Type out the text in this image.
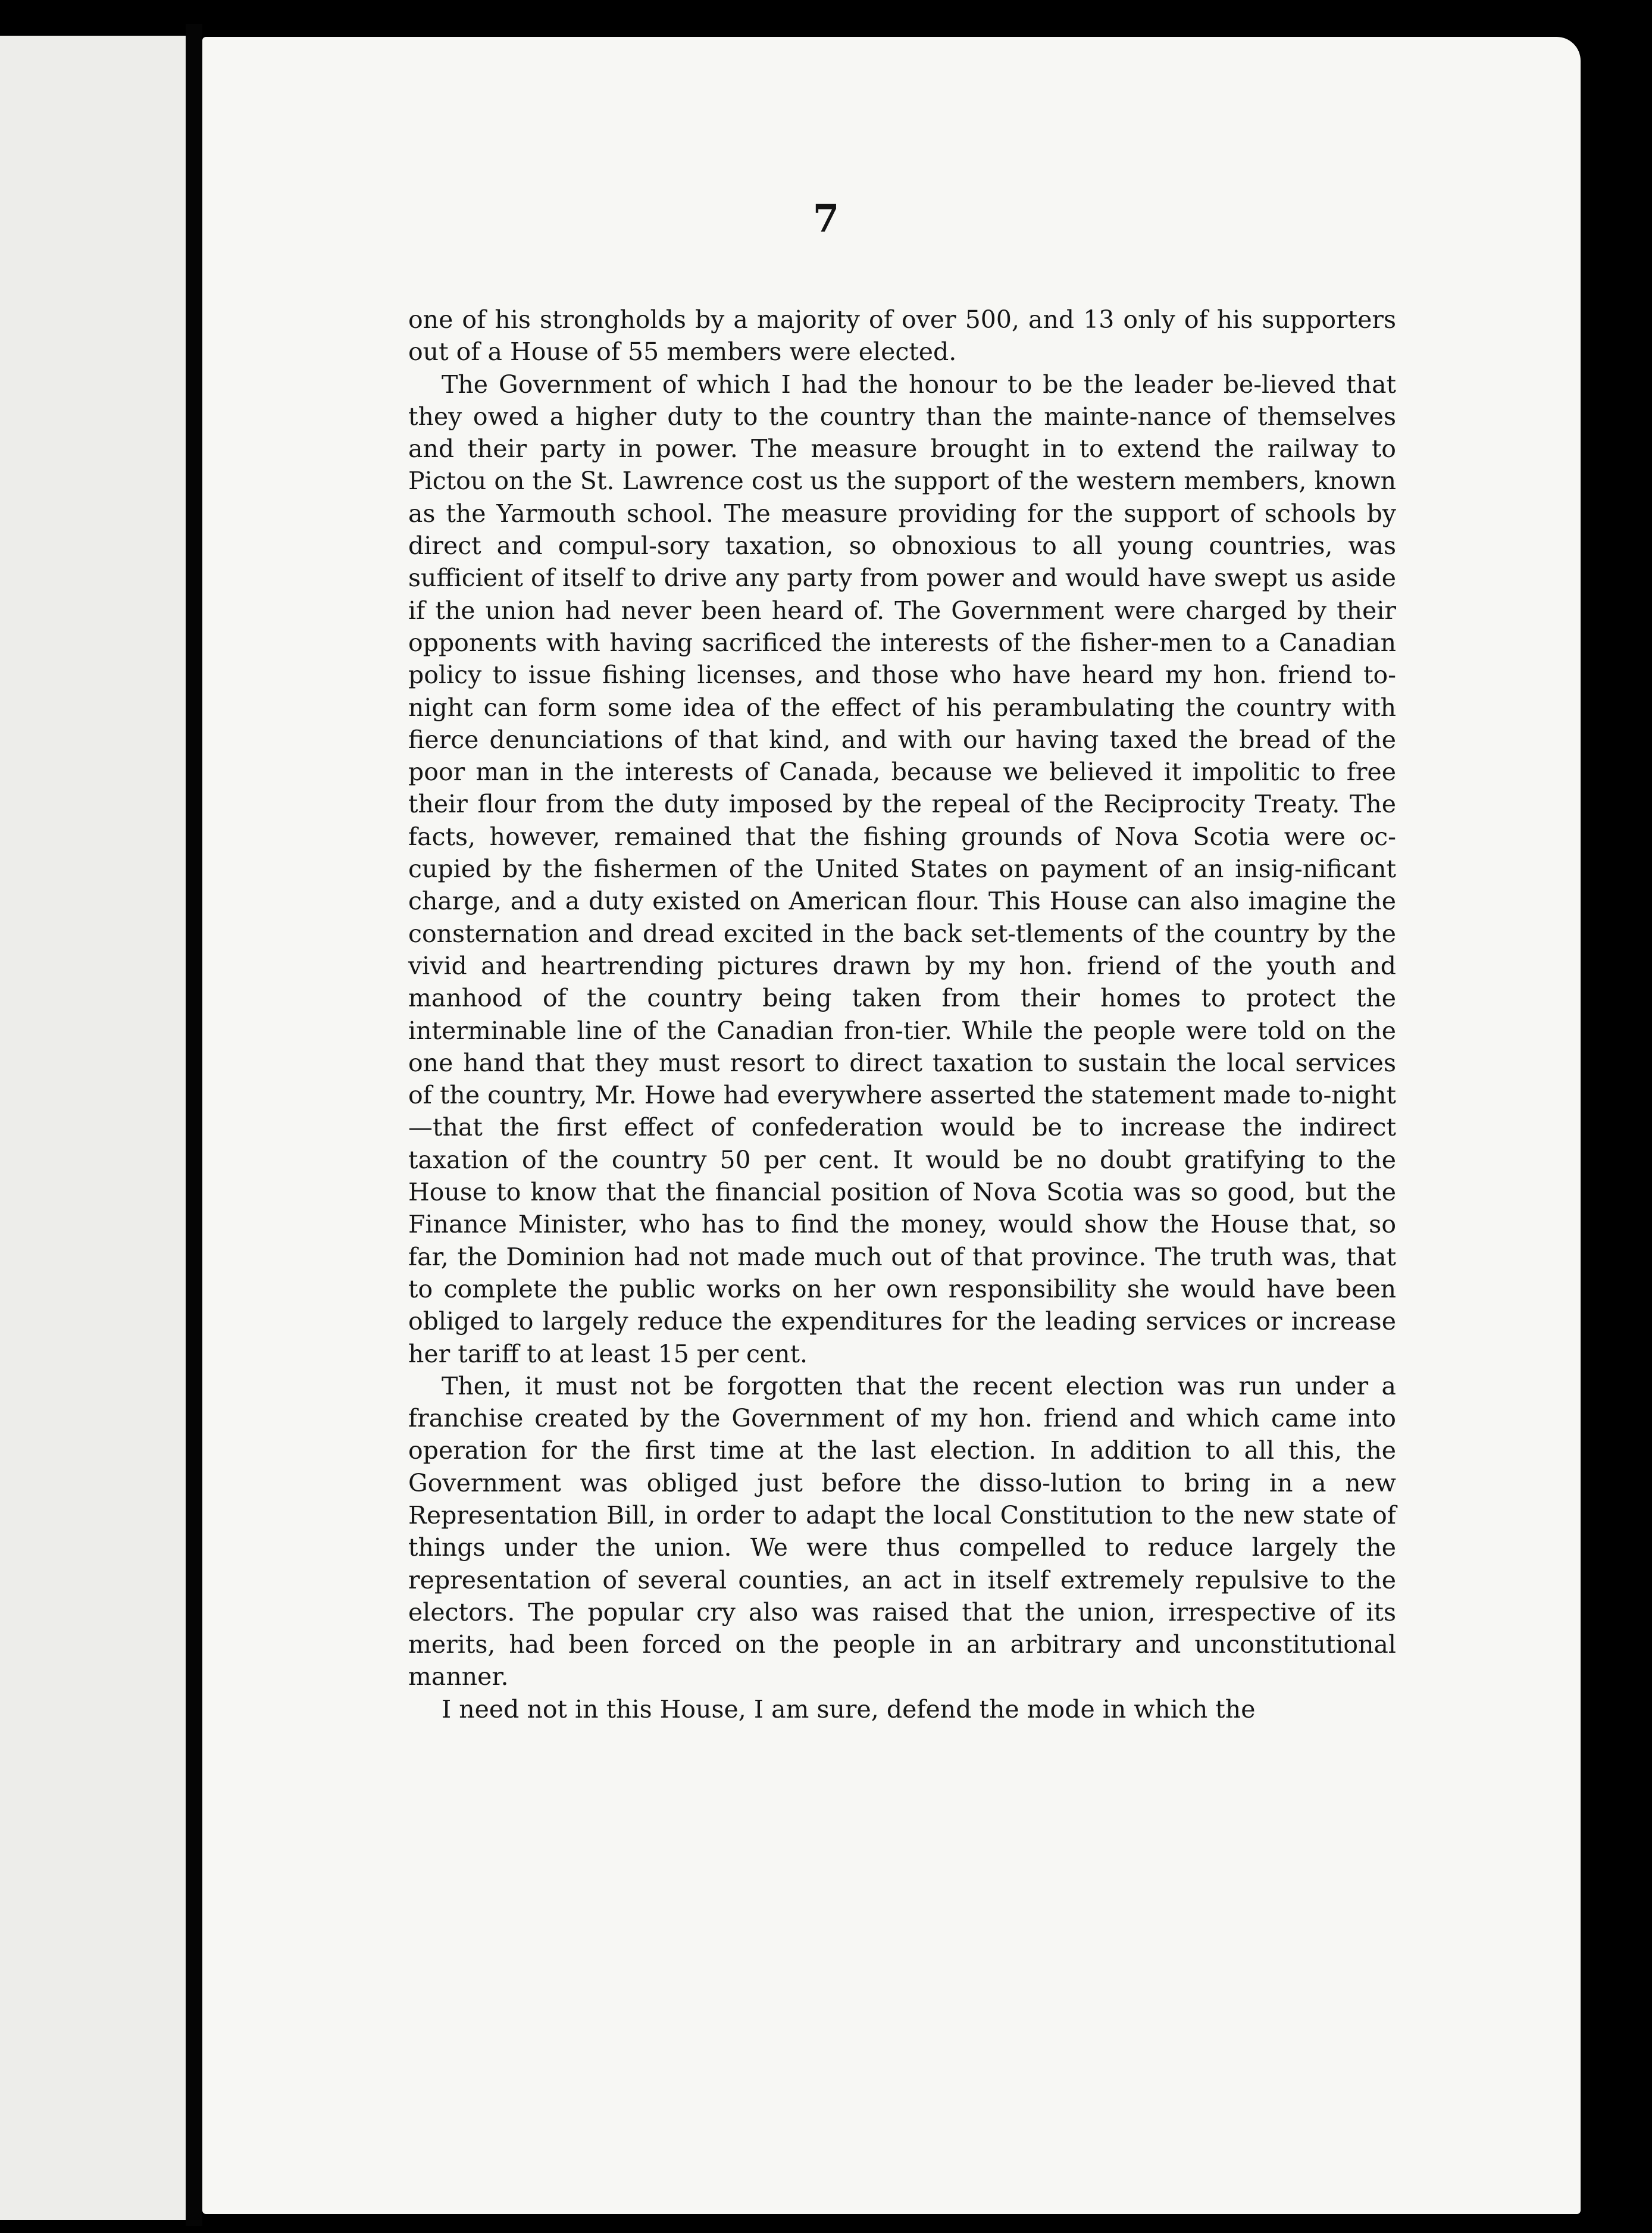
7

one of his strongholds by a majority of over 500, and 13 only of his supporters out of a House of 55 members were elected.

The Government of which I had the honour to be the leader be-lieved that they owed a higher duty to the country than the mainte-nance of themselves and their party in power. The measure brought in to extend the railway to Pictou on the St. Lawrence cost us the support of the western members, known as the Yarmouth school. The measure providing for the support of schools by direct and compul-sory taxation, so obnoxious to all young countries, was sufficient of itself to drive any party from power and would have swept us aside if the union had never been heard of. The Government were charged by their opponents with having sacrificed the interests of the fisher-men to a Canadian policy to issue fishing licenses, and those who have heard my hon. friend to-night can form some idea of the effect of his perambulating the country with fierce denunciations of that kind, and with our having taxed the bread of the poor man in the interests of Canada, because we believed it impolitic to free their flour from the duty imposed by the repeal of the Reciprocity Treaty. The facts, however, remained that the fishing grounds of Nova Scotia were oc-cupied by the fishermen of the United States on payment of an insig-nificant charge, and a duty existed on American flour. This House can also imagine the consternation and dread excited in the back set-tlements of the country by the vivid and heartrending pictures drawn by my hon. friend of the youth and manhood of the country being taken from their homes to protect the interminable line of the Canadian fron-tier. While the people were told on the one hand that they must resort to direct taxation to sustain the local services of the country, Mr. Howe had everywhere asserted the statement made to-night—that the first effect of confederation would be to increase the indirect taxation of the country 50 per cent. It would be no doubt gratifying to the House to know that the financial position of Nova Scotia was so good, but the Finance Minister, who has to find the money, would show the House that, so far, the Dominion had not made much out of that province. The truth was, that to complete the public works on her own responsibility she would have been obliged to largely reduce the expenditures for the leading services or increase her tariff to at least 15 per cent.

Then, it must not be forgotten that the recent election was run under a franchise created by the Government of my hon. friend and which came into operation for the first time at the last election. In addition to all this, the Government was obliged just before the disso-lution to bring in a new Representation Bill, in order to adapt the local Constitution to the new state of things under the union. We were thus compelled to reduce largely the representation of several counties, an act in itself extremely repulsive to the electors. The popular cry also was raised that the union, irrespective of its merits, had been forced on the people in an arbitrary and unconstitutional manner.

I need not in this House, I am sure, defend the mode in which the
